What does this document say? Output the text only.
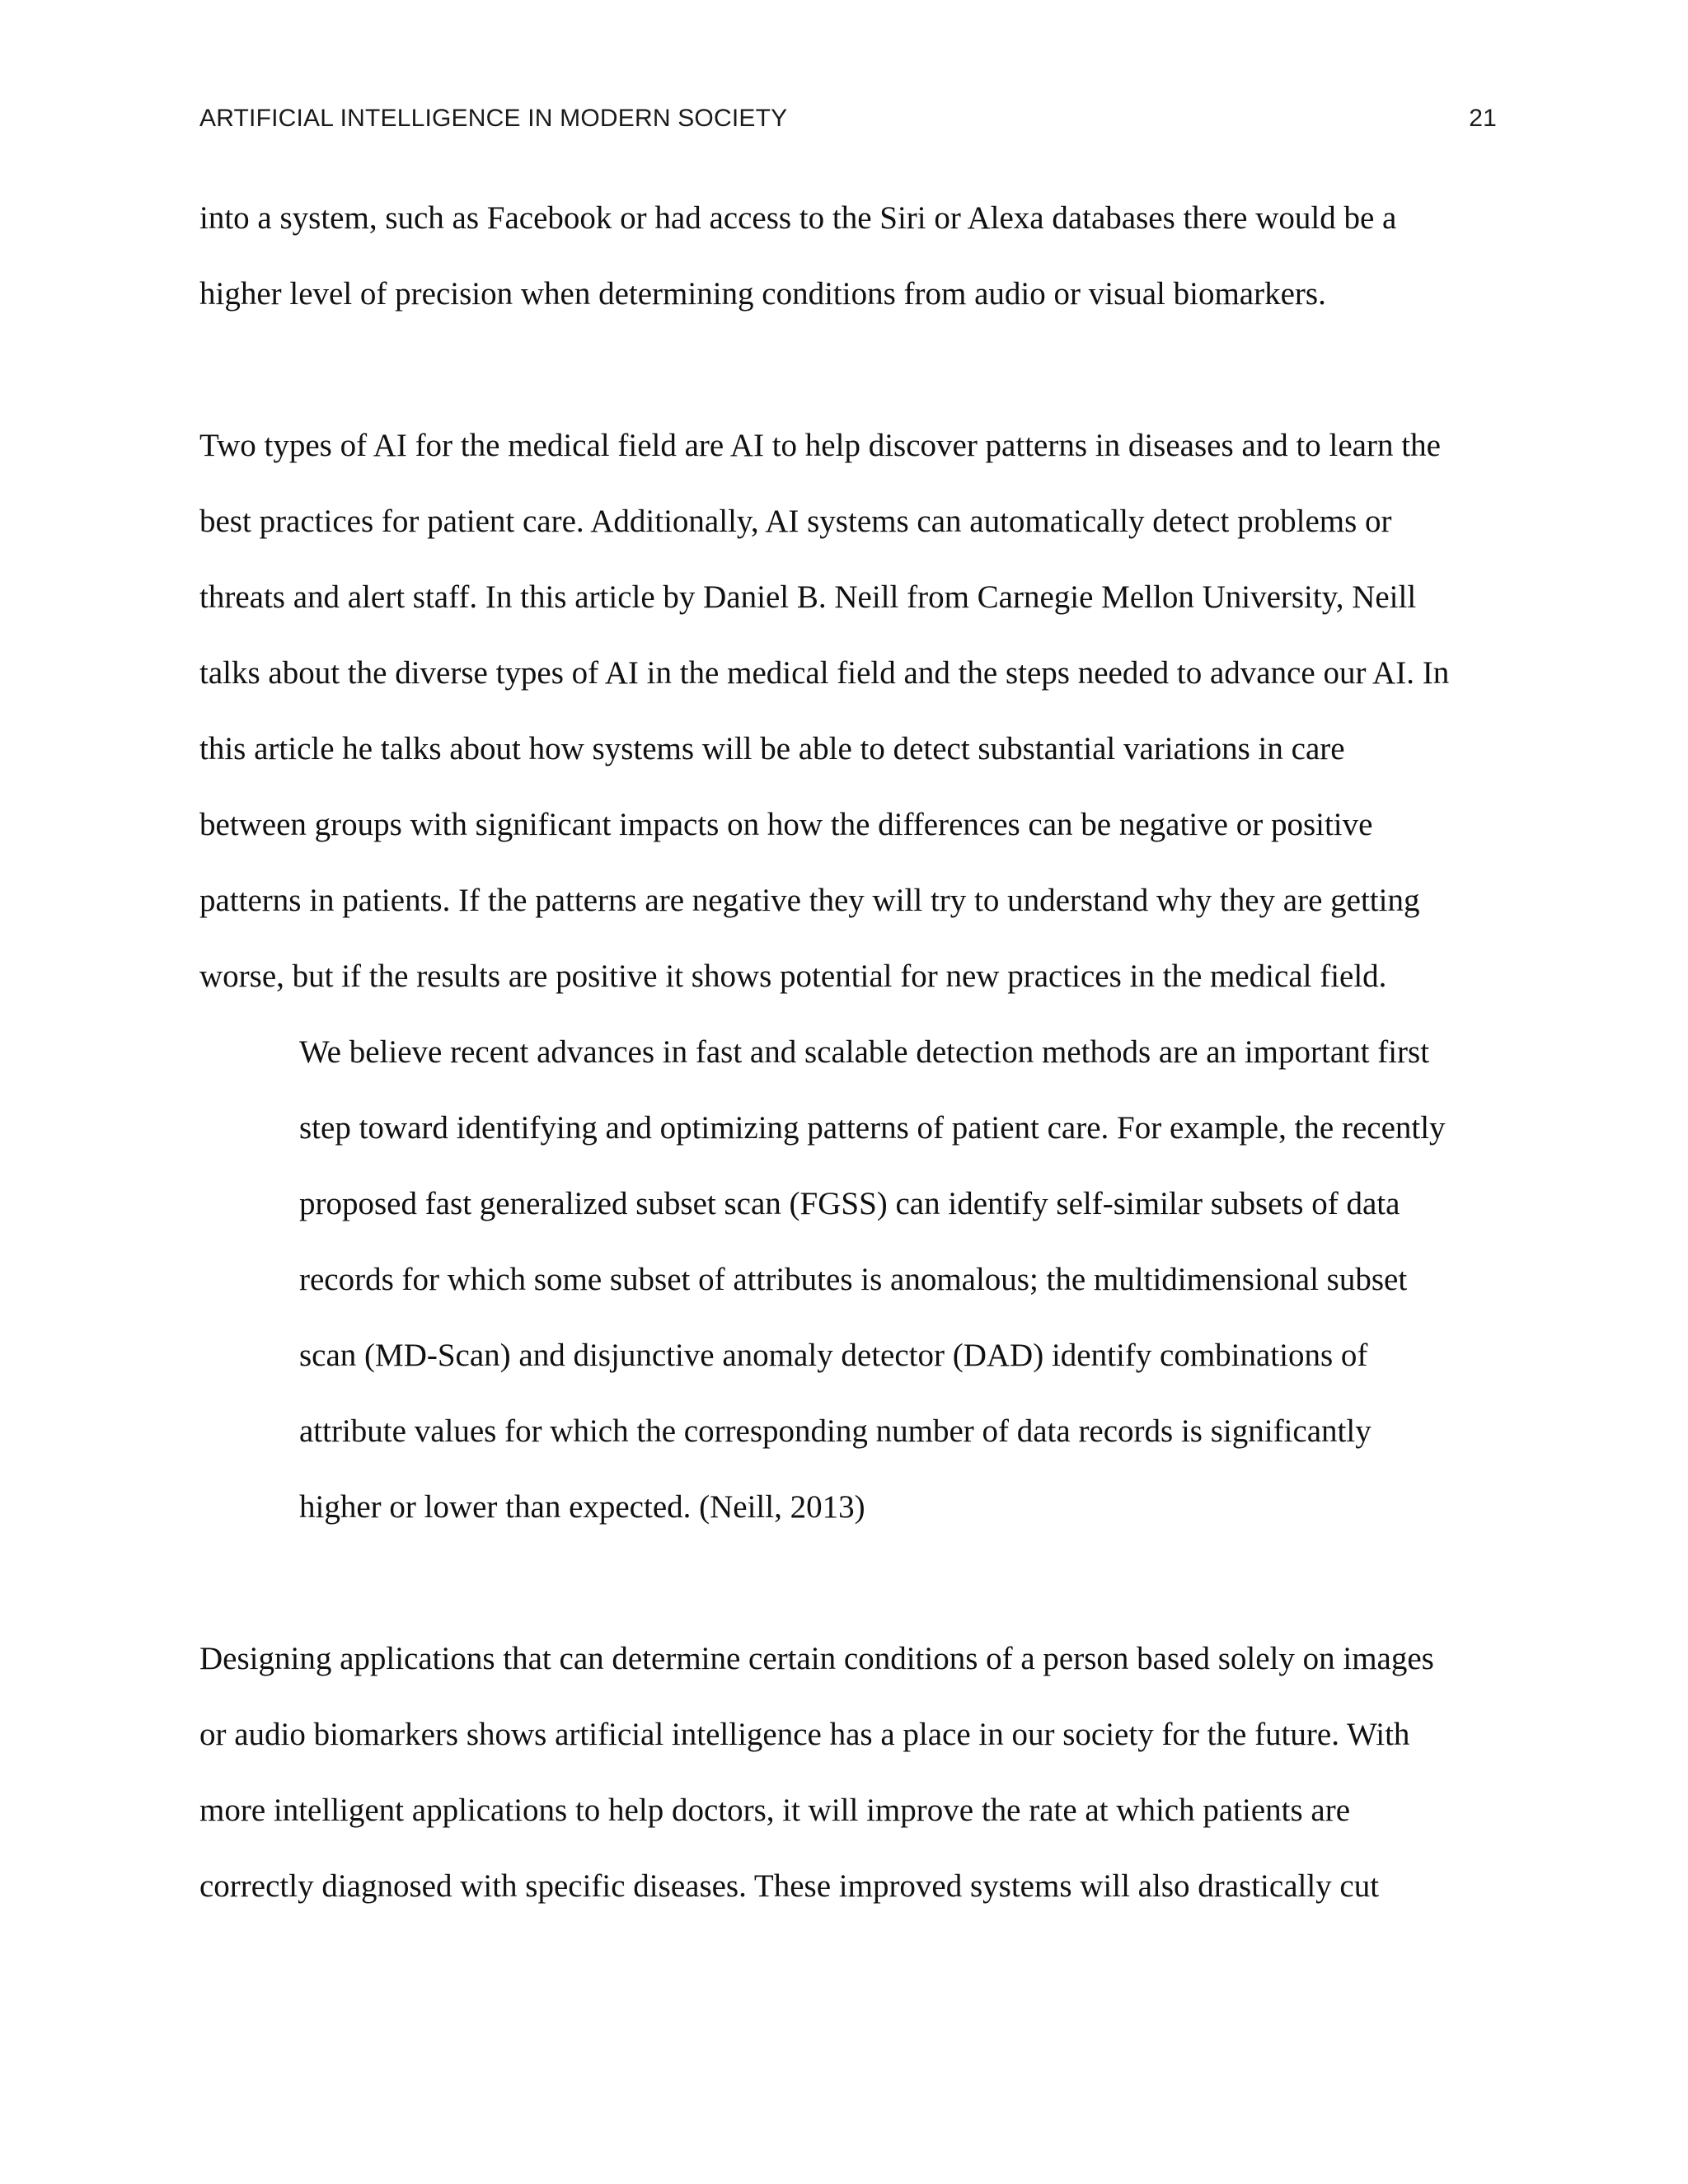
ARTIFICIAL INTELLIGENCE IN MODERN SOCIETY	21
into a system, such as Facebook or had access to the Siri or Alexa databases there would be a
higher level of precision when determining conditions from audio or visual biomarkers.
Two types of AI for the medical field are AI to help discover patterns in diseases and to learn the
best practices for patient care. Additionally, AI systems can automatically detect problems or
threats and alert staff. In this article by Daniel B. Neill from Carnegie Mellon University, Neill
talks about the diverse types of AI in the medical field and the steps needed to advance our AI. In
this article he talks about how systems will be able to detect substantial variations in care
between groups with significant impacts on how the differences can be negative or positive
patterns in patients. If the patterns are negative they will try to understand why they are getting
worse, but if the results are positive it shows potential for new practices in the medical field.
We believe recent advances in fast and scalable detection methods are an important first
step toward identifying and optimizing patterns of patient care. For example, the recently
proposed fast generalized subset scan (FGSS) can identify self-similar subsets of data
records for which some subset of attributes is anomalous; the multidimensional subset
scan (MD-Scan) and disjunctive anomaly detector (DAD) identify combinations of
attribute values for which the corresponding number of data records is significantly
higher or lower than expected. (Neill, 2013)
Designing applications that can determine certain conditions of a person based solely on images
or audio biomarkers shows artificial intelligence has a place in our society for the future. With
more intelligent applications to help doctors, it will improve the rate at which patients are
correctly diagnosed with specific diseases. These improved systems will also drastically cut
